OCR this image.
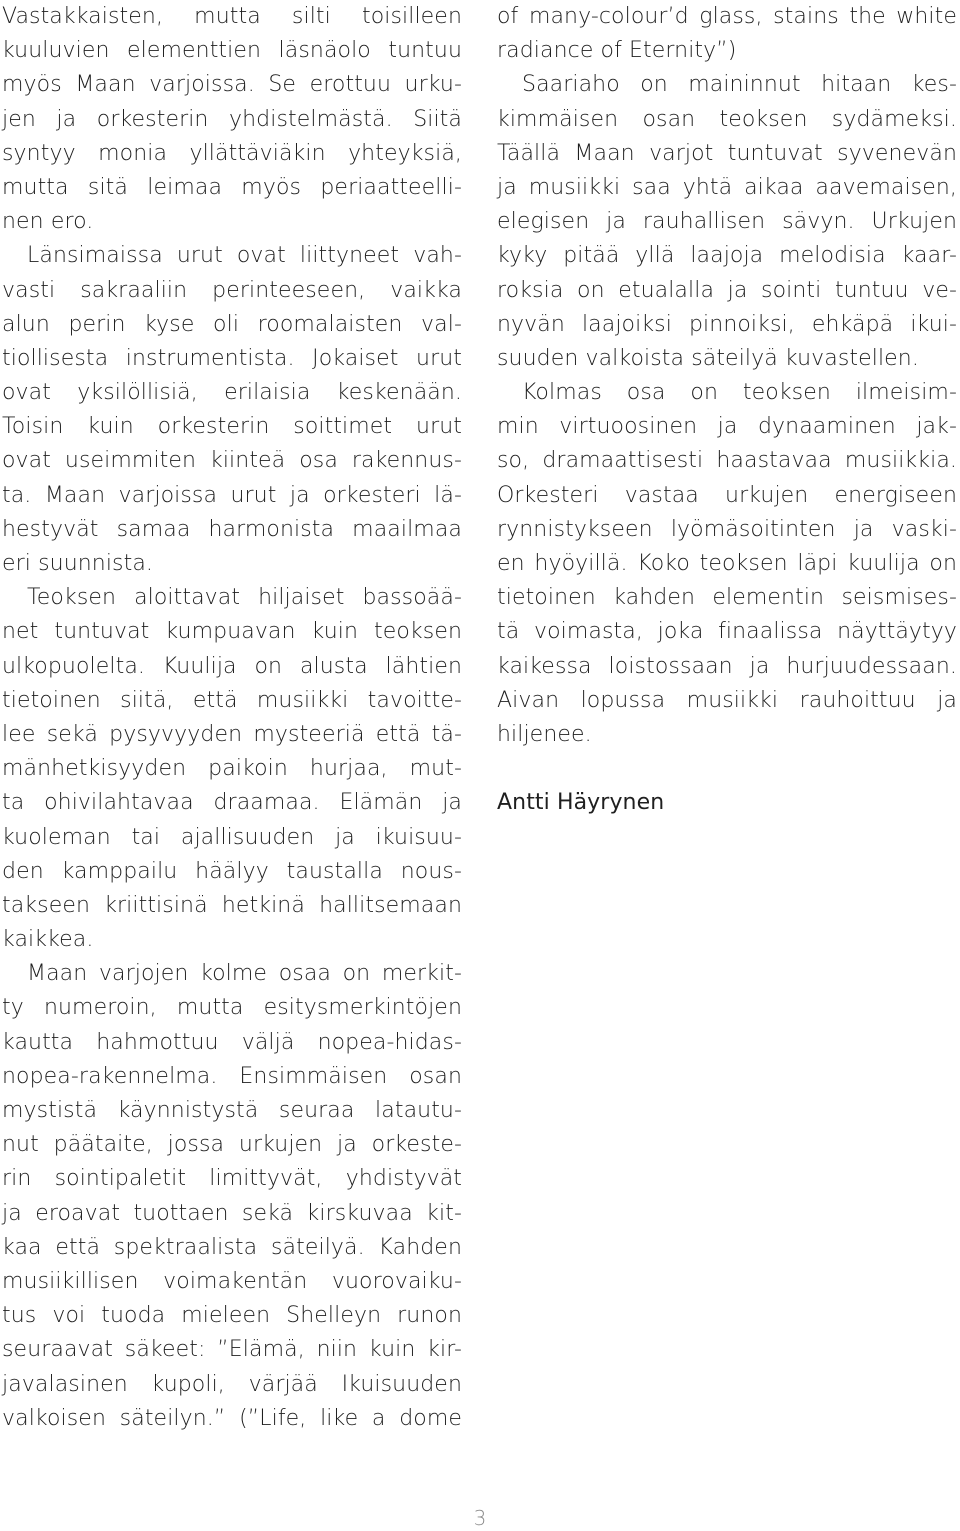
Vastakkaisten, mutta silti toisilleen
kuuluvien elementtien läsnäolo tuntuu
myös Maan varjoissa. Se erottuu urku-
jen ja orkesterin yhdistelmästä. Siitä
syntyy monia yllättäviäkin yhteyksiä,
mutta sitä leimaa myös periaatteelli-
nen ero.
Länsimaissa urut ovat liittyneet vah-
vasti sakraaliin perinteeseen, vaikka
alun perin kyse oli roomalaisten val-
tiollisesta instrumentista. Jokaiset urut
ovat yksilöllisiä, erilaisia keskenään.
Toisin kuin orkesterin soittimet urut
ovat useimmiten kiinteä osa rakennus-
ta. Maan varjoissa urut ja orkesteri lä-
hestyvät samaa harmonista maailmaa
eri suunnista.
Teoksen aloittavat hiljaiset bassoää-
net tuntuvat kumpuavan kuin teoksen
ulkopuolelta. Kuulija on alusta lähtien
tietoinen siitä, että musiikki tavoitte-
lee sekä pysyvyyden mysteeriä että tä-
mänhetkisyyden paikoin hurjaa, mut-
ta ohivilahtavaa draamaa. Elämän ja
kuoleman tai ajallisuuden ja ikuisuu-
den kamppailu häälyy taustalla nous-
takseen kriittisinä hetkinä hallitsemaan
kaikkea.
Maan varjojen kolme osaa on merkit-
ty numeroin, mutta esitysmerkintöjen
kautta hahmottuu väljä nopea-hidas-
nopea-rakennelma. Ensimmäisen osan
mystistä käynnistystä seuraa latautu-
nut päätaite, jossa urkujen ja orkeste-
rin sointipaletit limittyvät, yhdistyvät
ja eroavat tuottaen sekä kirskuvaa kit-
kaa että spektraalista säteilyä. Kahden
musiikillisen voimakentän vuorovaiku-
tus voi tuoda mieleen Shelleyn runon
seuraavat säkeet: ”Elämä, niin kuin kir-
javalasinen kupoli, värjää Ikuisuuden
valkoisen säteilyn.” (”Life, like a dome
of many-colour’d glass, stains the white
radiance of Eternity”)
Saariaho on maininnut hitaan kes-
kimmäisen osan teoksen sydämeksi.
Täällä Maan varjot tuntuvat syvenevän
ja musiikki saa yhtä aikaa aavemaisen,
elegisen ja rauhallisen sävyn. Urkujen
kyky pitää yllä laajoja melodisia kaar-
roksia on etualalla ja sointi tuntuu ve-
nyvän laajoiksi pinnoiksi, ehkäpä ikui-
suuden valkoista säteilyä kuvastellen.
Kolmas osa on teoksen ilmeisim-
min virtuoosinen ja dynaaminen jak-
so, dramaattisesti haastavaa musiikkia.
Orkesteri vastaa urkujen energiseen
rynnistykseen lyömäsoitinten ja vaski-
en hyöyillä. Koko teoksen läpi kuulija on
tietoinen kahden elementin seismises-
tä voimasta, joka finaalissa näyttäytyy
kaikessa loistossaan ja hurjuudessaan.
Aivan lopussa musiikki rauhoittuu ja
hiljenee.
Antti Häyrynen
3
